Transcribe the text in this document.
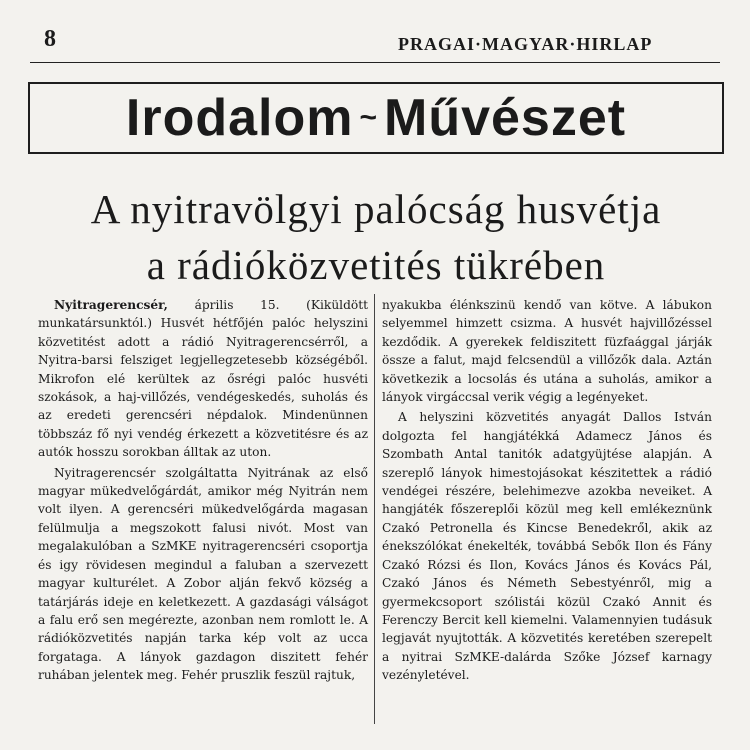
8	PRAGAI·MAGYAR·HIRLAP
Irodalom ~ Művészet
A nyitravölgyi palócság husvétja
a rádióközvetités tükrében

Nyitragerencsér, április 15. (Kiküldött munkatársunktól.) Husvét hétfőjén palóc helyszini közvetitést adott a rádió Nyitragerencsérről, a Nyitra-barsi felsziget legjellegzetesebb községéből. Mikrofon elé kerültek az ősrégi palóc husvéti szokások, a haj-villőzés, vendégeskedés, suholás és az eredeti gerencséri népdalok. Mindenünnen többszáz fő nyi vendég érkezett a közvetitésre és az autók hosszu sorokban álltak az uton.

Nyitragerencsér szolgáltatta Nyitrának az első magyar mükedvelőgárdát, amikor még Nyitrán nem volt ilyen. A gerencséri mükedvelőgárda magasan felülmulja a megszokott falusi nivót. Most van megalakulóban a SzMKE nyitragerencséri csoportja és igy rövidesen megindul a faluban a szervezett magyar kulturélet. A Zobor alján fekvő község a tatárjárás ideje en keletkezett. A gazdasági válságot a falu erő sen megérezte, azonban nem romlott le. A rádióközvetités napján tarka kép volt az ucca forgataga. A lányok gazdagon diszitett fehér ruhában jelentek meg. Fehér pruszlik feszül rajtuk,

nyakukba élénkszinü kendő van kötve. A lábukon selyemmel himzett csizma. A husvét hajvillőzéssel kezdődik. A gyerekek feldiszitett füzfaággal járják össze a falut, majd felcsendül a villőzők dala. Aztán következik a locsolás és utána a suholás, amikor a lányok virgáccsal verik végig a legényeket.

A helyszini közvetités anyagát Dallos István dolgozta fel hangjátékká Adamecz János és Szombath Antal tanitók adatgyüjtése alapján. A szereplő lányok himestojásokat készitettek a rádió vendégei részére, belehimezve azokba neveiket. A hangjáték főszereplői közül meg kell emlékeznünk Czakó Petronella és Kincse Benedekről, akik az énekszólókat énekelték, továbbá Sebők Ilon és Fány Czakó Rózsi és Ilon, Kovács János és Kovács Pál, Czakó János és Németh Sebestyénről, mig a gyermekcsoport szólistái közül Czakó Annit és Ferenczy Bercit kell kiemelni. Valamennyien tudásuk legjavát nyujtották. A közvetités keretében szerepelt a nyitrai SzMKE-dalárda Szőke József karnagy vezényletével.
